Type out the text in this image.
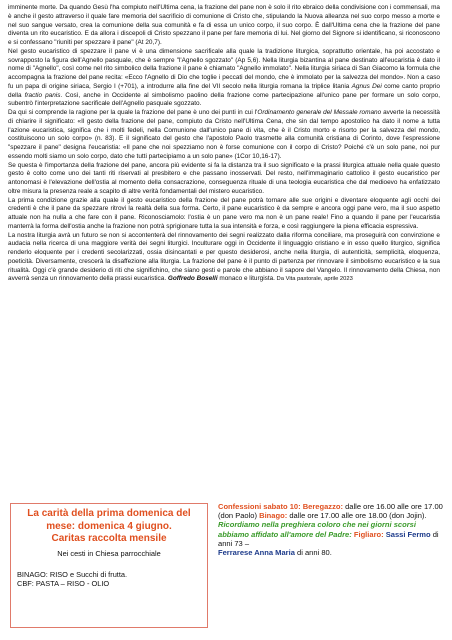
imminente morte. Da quando Gesù l'ha compiuto nell'Ultima cena, la frazione del pane non è solo il rito ebraico della condivisione con i commensali, ma è anche il gesto attraverso il quale fare memoria del sacrificio di comunione di Cristo che, stipulando la Nuova alleanza nel suo corpo messo a morte e nel suo sangue versato, crea la comunione della sua comunità e fa di essa un unico corpo, il suo corpo. È dall'Ultima cena che la frazione del pane diventa un rito eucaristico. E da allora i discepoli di Cristo spezzano il pane per fare memoria di lui. Nel giorno del Signore si identificano, si riconoscono e si confessano "riuniti per spezzare il pane" (At 20,7).

Nel gesto eucaristico di spezzare il pane vi è una dimensione sacrificale alla quale la tradizione liturgica, soprattutto orientale, ha poi accostato e sovrapposto la figura dell'Agnello pasquale, che è sempre "l'Agnello sgozzato" (Ap 5,6). Nella liturgia bizantina al pane destinato all'eucaristia è dato il nome di "Agnello", così come nel rito simbolico della frazione il pane è chiamato "Agnello immolato". Nella liturgia siriaca di San Giacomo la formula che accompagna la frazione del pane recita: «Ecco l'Agnello di Dio che toglie i peccati del mondo, che è immolato per la salvezza del mondo». Non a caso fu un papa di origine siriaca, Sergio I (+701), a introdurre alla fine del VII secolo nella liturgia romana la triplice litania Agnus Dei come canto proprio della fractio panis. Così, anche in Occidente al simbolismo paolino della frazione come partecipazione all'unico pane per formare un solo corpo, subentrò l'interpretazione sacrificale dell'Agnello pasquale sgozzato.

Da qui si comprende la ragione per la quale la frazione del pane è uno dei punti in cui l'Ordinamento generale del Messale romano avverte la necessità di chiarire il significato: «Il gesto della frazione del pane, compiuto da Cristo nell'Ultima Cena, che sin dal tempo apostolico ha dato il nome a tutta l'azione eucaristica, significa che i molti fedeli, nella Comunione dall'unico pane di vita, che è il Cristo morto e risorto per la salvezza del mondo, costituiscono un solo corpo» (n. 83). E il significato del gesto che l'apostolo Paolo trasmette alla comunità cristiana di Corinto, dove l'espressione "spezzare il pane" designa l'eucaristia: «Il pane che noi spezziamo non è forse comunione con il corpo di Cristo? Poiché c'è un solo pane, noi pur essendo molti siamo un solo corpo, dato che tutti partecipiamo a un solo pane» (1Cor 10,16-17).

Se questa è l'importanza della frazione del pane, ancora più evidente si fa la distanza tra il suo significato e la prassi liturgica attuale nella quale questo gesto è colto come uno dei tanti riti riservati al presbitero e che passano inosservati. Del resto, nell'immaginario cattolico il gesto eucaristico per antonomasi è l'elevazione dell'ostia al momento della consacrazione, conseguenza rituale di una teologia eucaristica che dal medioevo ha enfatizzato oltre misura la presenza reale a scapito di altre verità fondamentali del mistero eucaristico.

La prima condizione grazie alla quale il gesto eucaristico della frazione del pane potrà tornare alle sue origini e diventare eloquente agli occhi dei credenti è che il pane da spezzare ritrovi la realtà della sua forma. Certo, il pane eucaristico è da sempre e ancora oggi pane vero, ma il suo aspetto attuale non ha nulla a che fare con il pane. Riconosciamolo: l'ostia è un pane vero ma non è un pane reale! Fino a quando il pane per l'eucaristia manterrà la forma dell'ostia anche la frazione non potrà sprigionare tutta la sua intensità e forza, e così raggiungere la piena efficacia espressiva.

La nostra liturgia avrà un futuro se non si accontenterà del rinnovamento dei segni realizzato dalla riforma conciliare, ma proseguirà con convinzione e audacia nella ricerca di una maggiore verità dei segni liturgici. Inculturare oggi in Occidente il linguaggio cristiano e in esso quello liturgico, significa renderlo eloquente per i credenti secolarizzati, ossia disincantati e per questo desiderosi, anche nella liturgia, di autenticità, semplicità, eloquenza, poeticità. Diversamente, crescerà la disaffezione alla liturgia. La frazione del pane è il punto di partenza per rinnovare il simbolismo eucaristico e la sua ritualità. Oggi c'è grande desiderio di riti che significhino, che siano gesti e parole che abbiano il sapore del Vangelo. Il rinnovamento della Chiesa, non avverrà senza un rinnovamento della prassi eucaristica. Goffredo Boselli monaco e liturgista. Da Vita pastorale, aprile 2023

La carità della prima domenica del

mese: domenica 4 giugno.

Caritas raccolta mensile

Nei cesti in Chiesa parrocchiale

BINAGO: RISO e Succhi di frutta.

CBF: PASTA – RISO - OLIO

Confessioni sabato 10: Beregazzo: dalle ore 16.00 alle ore 17.00 (don Paolo) Binago: dalle ore 17.00 alle ore 18.00 (don Jojin).

Ricordiamo nella preghiera coloro che nei giorni scorsi abbiamo affidato all'amore del Padre: Figliaro: Sassi Fermo di anni 73 –

Ferrarese Anna Maria di anni 80.
